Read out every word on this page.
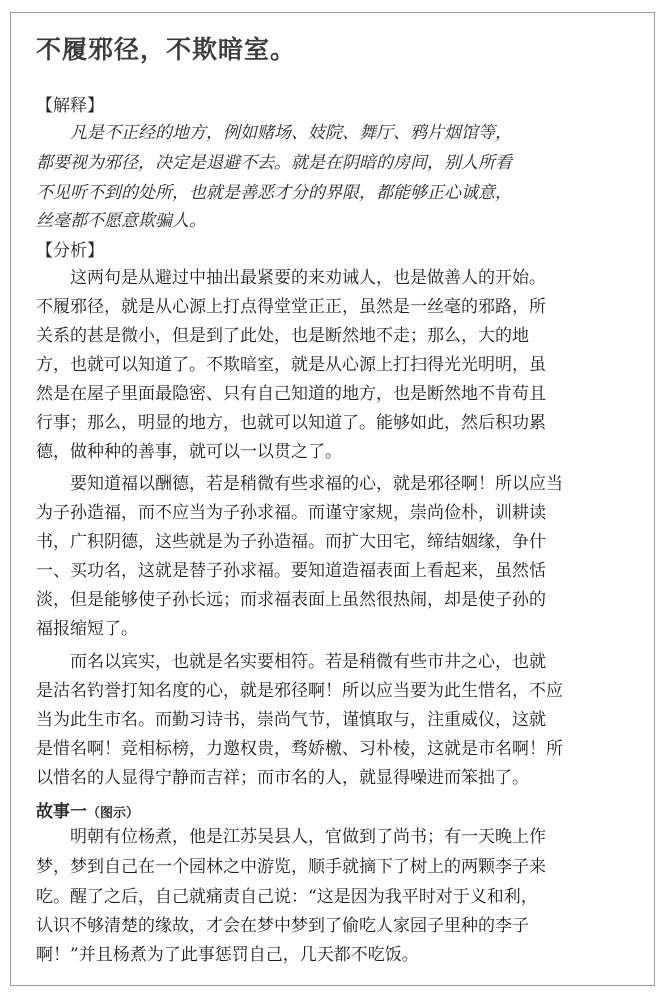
不履邪径，不欺暗室。
【解释】
凡是不正经的地方，例如赌场、妓院、舞厅、鸦片烟馆等，
都要视为邪径，决定是退避不去。就是在阴暗的房间，别人所看
不见听不到的处所，也就是善恶才分的界限，都能够正心诚意，
丝毫都不愿意欺骗人。
【分析】
这两句是从避过中抽出最紧要的来劝诫人，也是做善人的开始。
不履邪径，就是从心源上打点得堂堂正正，虽然是一丝毫的邪路，所
关系的甚是微小，但是到了此处，也是断然地不走；那么，大的地
方，也就可以知道了。不欺暗室，就是从心源上打扫得光光明明，虽
然是在屋子里面最隐密、只有自己知道的地方，也是断然地不肯苟且
行事；那么，明显的地方，也就可以知道了。能够如此，然后积功累
德，做种种的善事，就可以一以贯之了。
要知道福以酬德，若是稍微有些求福的心，就是邪径啊！所以应当
为子孙造福，而不应当为子孙求福。而谨守家规，崇尚俭朴，训耕读
书，广积阴德，这些就是为子孙造福。而扩大田宅，缔结姻缘，争什
一、买功名，这就是替子孙求福。要知道造福表面上看起来，虽然恬
淡，但是能够使子孙长远；而求福表面上虽然很热闹，却是使子孙的
福报缩短了。
而名以宾实，也就是名实要相符。若是稍微有些市井之心，也就
是沽名钓誉打知名度的心，就是邪径啊！所以应当要为此生惜名，不应
当为此生市名。而勤习诗书，崇尚气节，谨慎取与，注重威仪，这就
是惜名啊！竞相标榜，力邀权贵，骛娇檄、习朴棱，这就是市名啊！所
以惜名的人显得宁静而吉祥；而市名的人，就显得噪进而笨拙了。
故事一（图示）
明朝有位杨煮，他是江苏吴县人，官做到了尚书；有一天晚上作
梦，梦到自己在一个园林之中游览，顺手就摘下了树上的两颗李子来
吃。醒了之后，自己就痛责自己说：“这是因为我平时对于义和利，
认识不够清楚的缘故，才会在梦中梦到了偷吃人家园子里种的李子
啊！”并且杨煮为了此事惩罚自己，几天都不吃饭。
